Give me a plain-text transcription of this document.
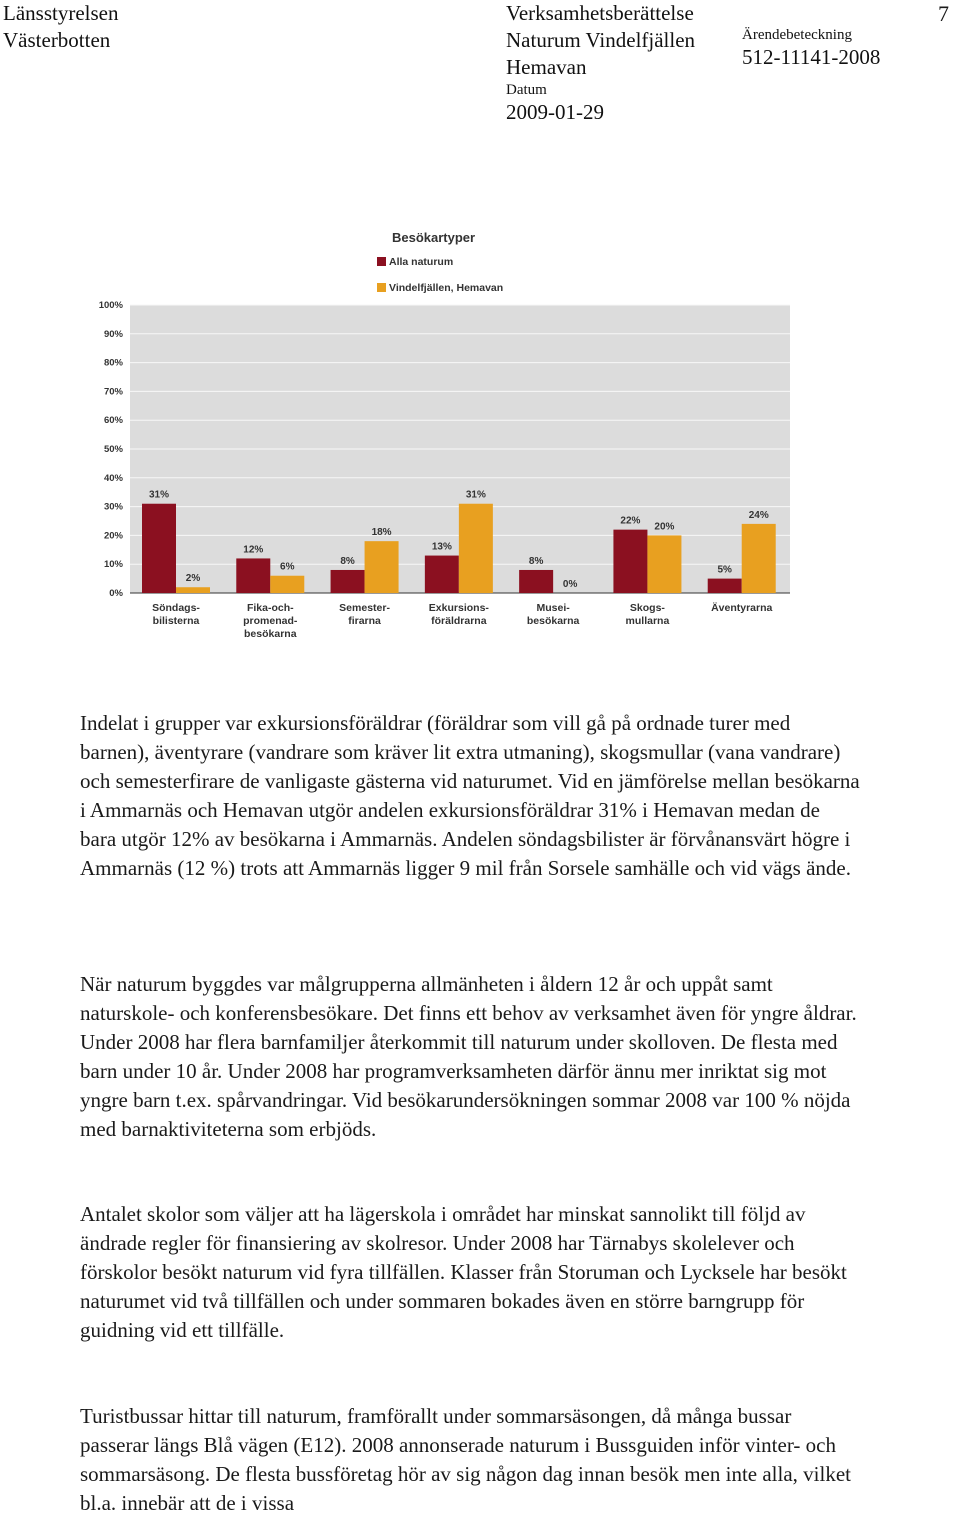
Länsstyrelsen
Västerbotten
Verksamhetsberättelse
Naturum Vindelfjällen
Hemavan
Datum
2009-01-29
Ärendebeteckning
512-11141-2008
7
Besökartyper
Alla naturum
Vindelfjällen, Hemavan
0%
10%
20%
30%
40%
50%
60%
70%
80%
90%
100%
31%
2%
Söndags-
bilisterna
12%
6%
Fika-och-
promenad-
besökarna
8%
18%
Semester-
firarna
13%
31%
Exkursions-
föräldrarna
8%
0%
Musei-
besökarna
22%
20%
Skogs-
mullarna
5%
24%
Äventyrarna

Indelat i grupper var exkursionsföräldrar (föräldrar som vill gå på ordnade turer med barnen), äventyrare (vandrare som kräver lit extra utmaning), skogsmullar (vana vandrare) och semesterfirare de vanligaste gästerna vid naturumet. Vid en jämförelse mellan besökarna i Ammarnäs och Hemavan utgör andelen exkursionsföräldrar 31% i Hemavan medan de bara utgör 12% av besökarna i Ammarnäs. Andelen söndagsbilister är förvånansvärt högre i Ammarnäs (12 %) trots att Ammarnäs ligger 9 mil från Sorsele samhälle och vid vägs ände.

När naturum byggdes var målgrupperna allmänheten i åldern 12 år och uppåt samt naturskole- och konferensbesökare. Det finns ett behov av verksamhet även för yngre åldrar. Under 2008 har flera barnfamiljer återkommit till naturum under skolloven. De flesta med barn under 10 år. Under 2008 har programverksamheten därför ännu mer inriktat sig mot yngre barn t.ex. spårvandringar. Vid besökarundersökningen sommar 2008 var 100 % nöjda med barnaktiviteterna som erbjöds.

Antalet skolor som väljer att ha lägerskola i området har minskat sannolikt till följd av ändrade regler för finansiering av skolresor. Under 2008 har Tärnabys skolelever och förskolor besökt naturum vid fyra tillfällen. Klasser från Storuman och Lycksele har besökt naturumet vid två tillfällen och under sommaren bokades även en större barngrupp för guidning vid ett tillfälle.

Turistbussar hittar till naturum, framförallt under sommarsäsongen, då många bussar passerar längs Blå vägen (E12). 2008 annonserade naturum i Bussguiden inför vinter- och sommarsäsong. De flesta bussföretag hör av sig någon dag innan besök men inte alla, vilket bl.a. innebär att de i vissa
